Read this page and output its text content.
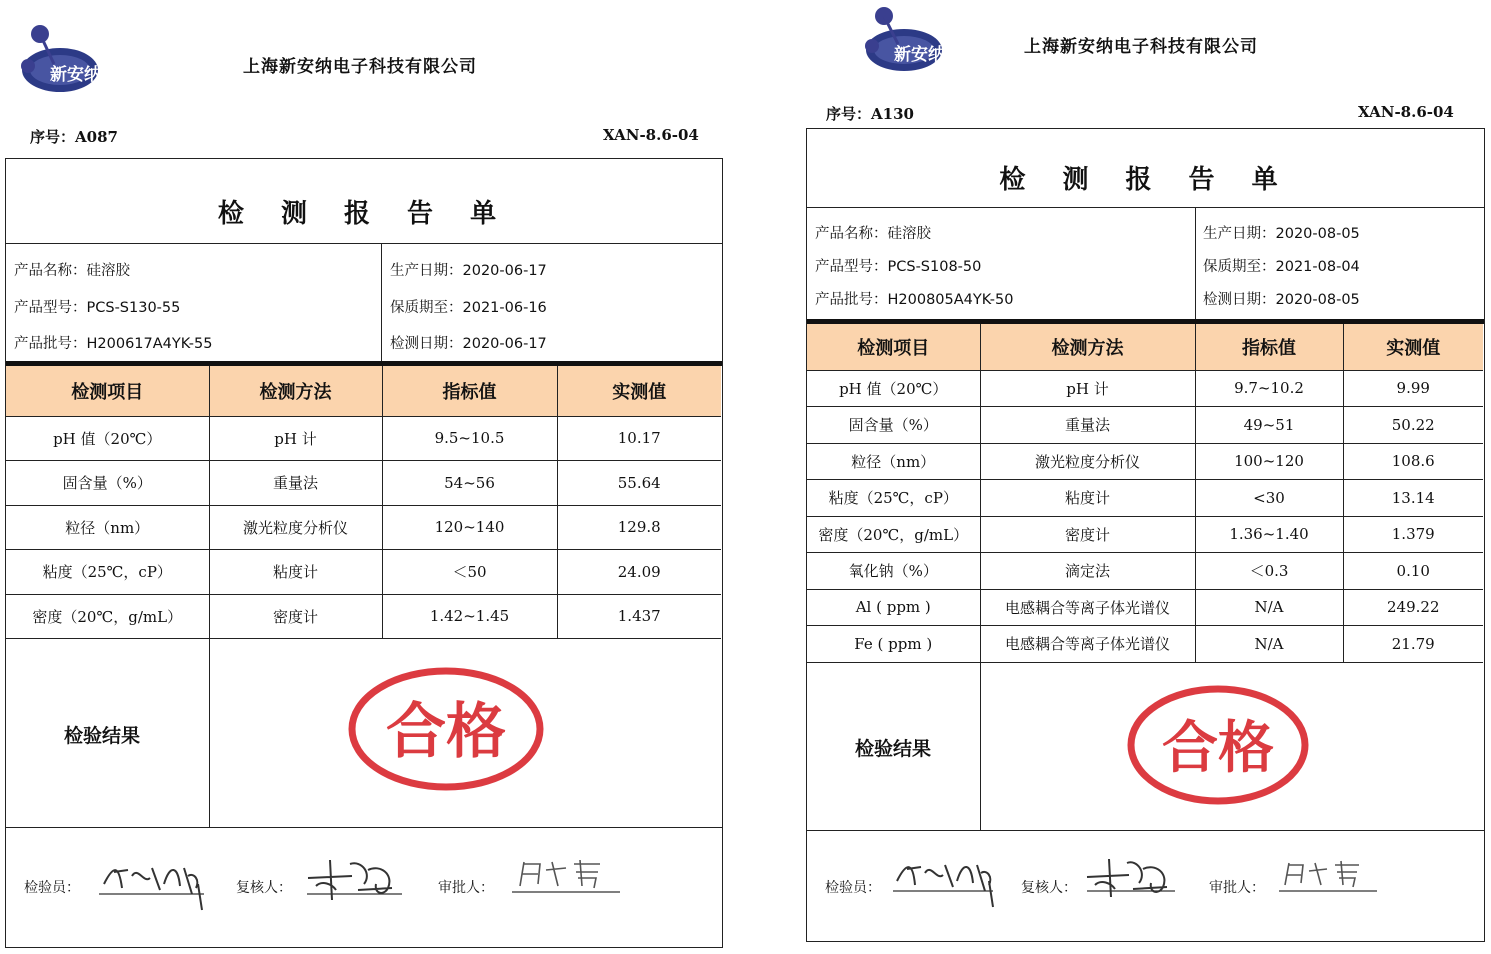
新安纳	上海新安纳电子科技有限公司
序号：A087	XAN-8.6-04
检 测 报 告 单
产品名称：硅溶胶
产品型号：PCS-S130-55
产品批号：H200617A4YK-55
生产日期：2020-06-17
保质期至：2021-06-16
检测日期：2020-06-17
检测项目	检测方法	指标值	实测值
pH 值（20℃）	pH 计	9.5~10.5	10.17
固含量（%）	重量法	54~56	55.64
粒径（nm）	激光粒度分析仪	120~140	129.8
粘度（25℃，cP）	粘度计	＜50	24.09
密度（20℃，g/mL）	密度计	1.42~1.45	1.437
检验结果	合格
检验员：	复核人：	审批人：
新安纳	上海新安纳电子科技有限公司
序号：A130	XAN-8.6-04
检 测 报 告 单
产品名称：硅溶胶
产品型号：PCS-S108-50
产品批号：H200805A4YK-50
生产日期：2020-08-05
保质期至：2021-08-04
检测日期：2020-08-05
检测项目	检测方法	指标值	实测值
pH 值（20℃）	pH 计	9.7~10.2	9.99
固含量（%）	重量法	49~51	50.22
粒径（nm）	激光粒度分析仪	100~120	108.6
粘度（25℃，cP）	粘度计	<30	13.14
密度（20℃，g/mL）	密度计	1.36~1.40	1.379
氧化钠（%）	滴定法	＜0.3	0.10
Al ( ppm )	电感耦合等离子体光谱仪	N/A	249.22
Fe ( ppm )	电感耦合等离子体光谱仪	N/A	21.79
检验结果	合格
检验员：	复核人：	审批人：
